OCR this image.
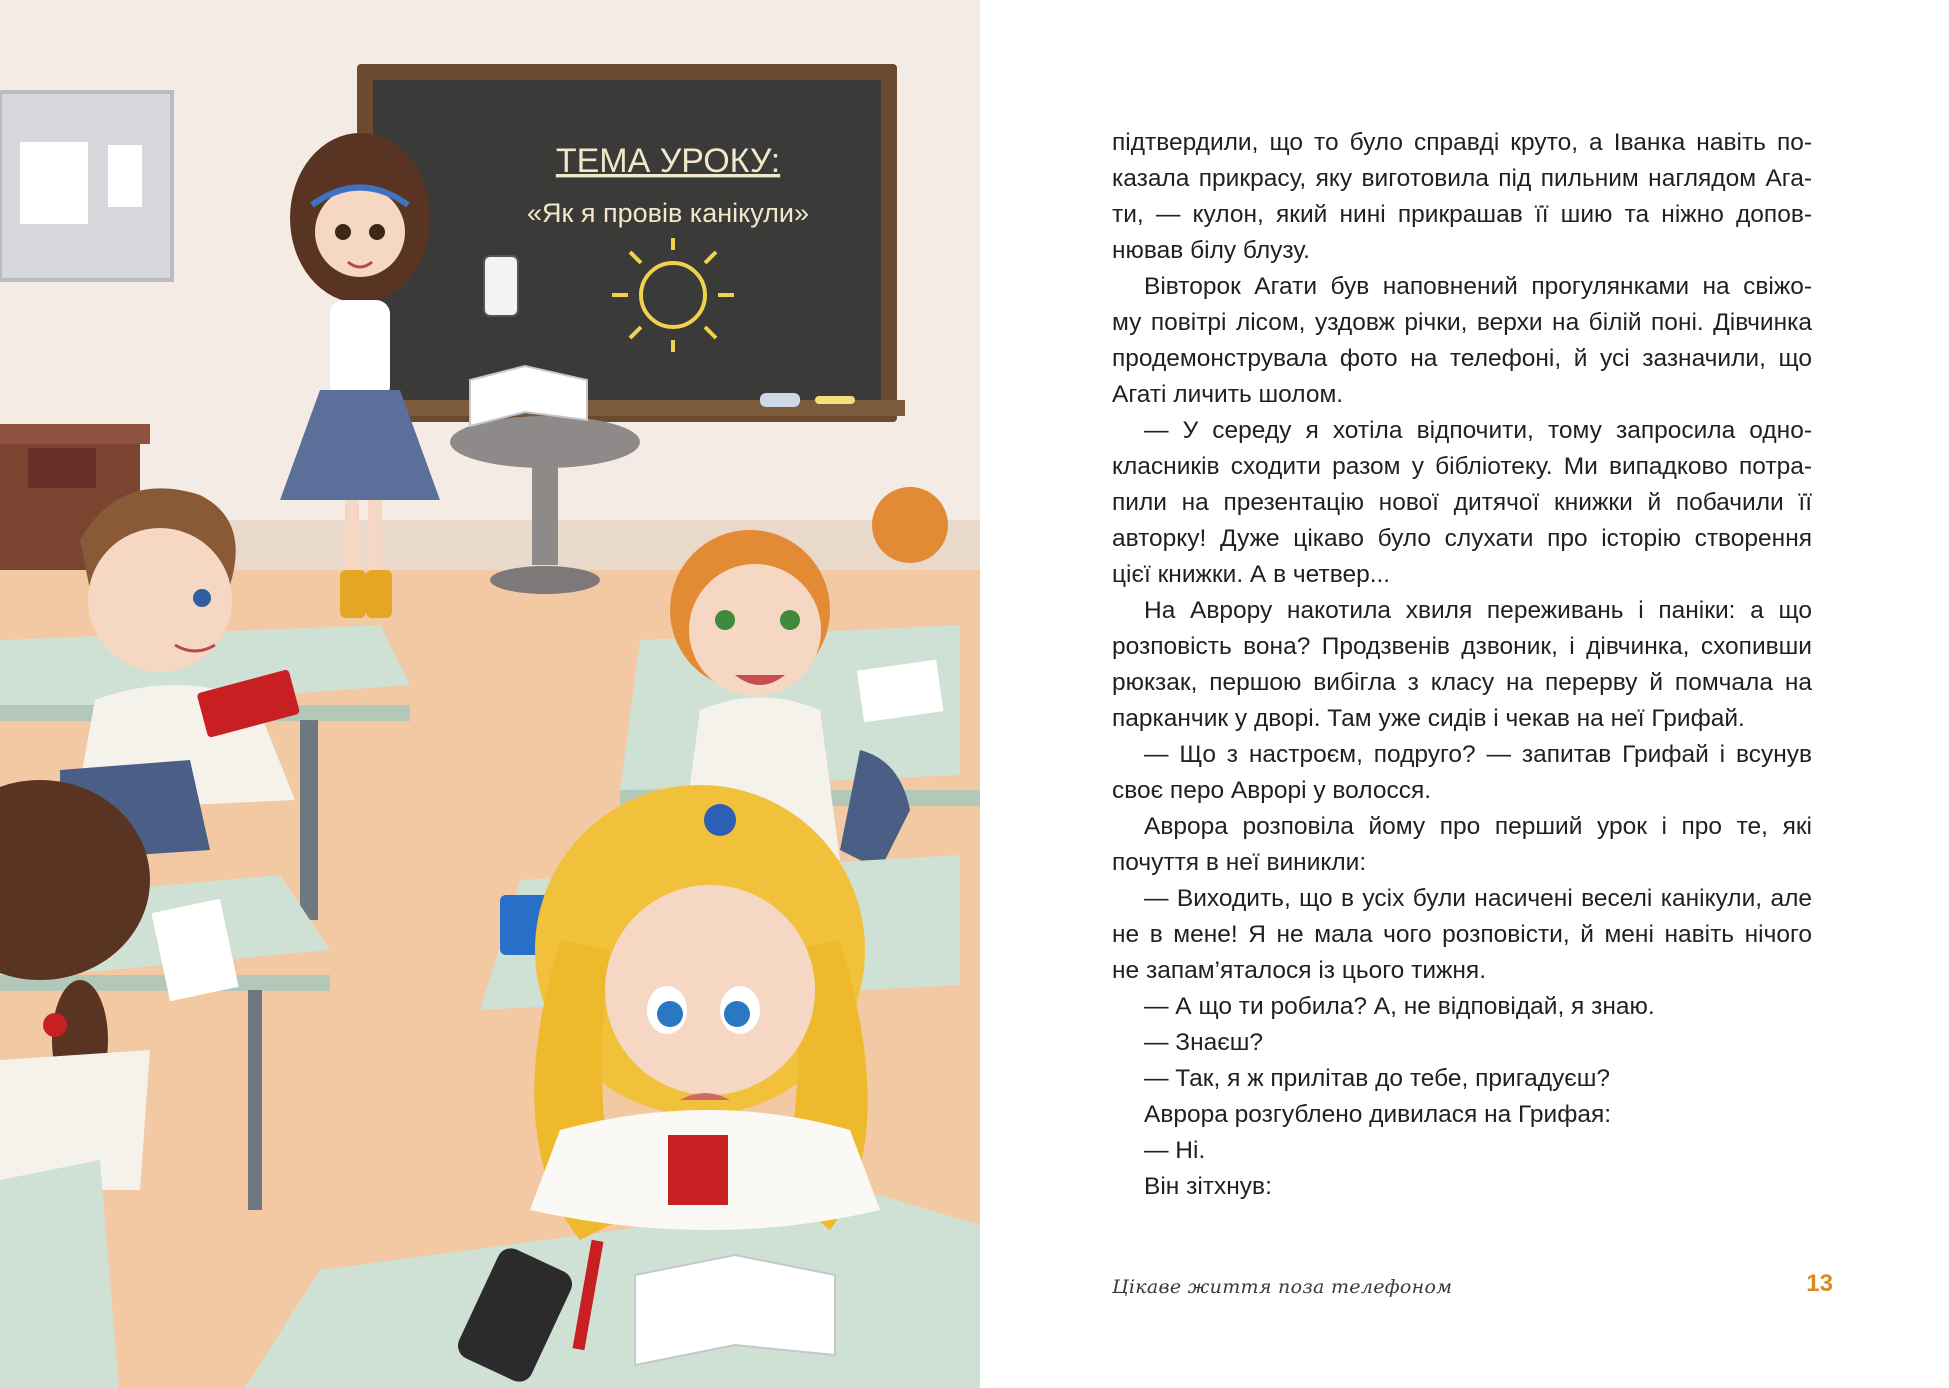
ТЕМА УРОКУ:
«Як я провів канікули»
підтвердили, що то було справді круто, а Іванка навіть по-
казала прикрасу, яку виготовила під пильним наглядом Ага-
ти, — кулон, який нині прикрашав її шию та ніжно допов-
нював білу блузу.
Вівторок Агати був наповнений прогулянками на свіжо-
му повітрі лісом, уздовж річки, верхи на білій поні. Дівчинка
продемонструвала фото на телефоні, й усі зазначили, що
Агаті личить шолом.
— У середу я хотіла відпочити, тому запросила одно-
класників сходити разом у бібліотеку. Ми випадково потра-
пили на презентацію нової дитячої книжки й побачили її
авторку! Дуже цікаво було слухати про історію створення
цієї книжки. А в четвер...
На Аврору накотила хвиля переживань і паніки: а що
розповість вона? Продзвенів дзвоник, і дівчинка, схопивши
рюкзак, першою вибігла з класу на перерву й помчала на
парканчик у дворі. Там уже сидів і чекав на неї Грифай.
— Що з настроєм, подруго? — запитав Грифай і всунув
своє перо Аврорі у волосся.
Аврора розповіла йому про перший урок і про те, які
почуття в неї виникли:
— Виходить, що в усіх були насичені веселі канікули, але
не в мене! Я не мала чого розповісти, й мені навіть нічого
не запам’яталося із цього тижня.
— А що ти робила? А, не відповідай, я знаю.
— Знаєш?
— Так, я ж прилітав до тебе, пригадуєш?
Аврора розгублено дивилася на Грифая:
— Ні.
Він зітхнув:
Цікаве життя поза телефоном	13
